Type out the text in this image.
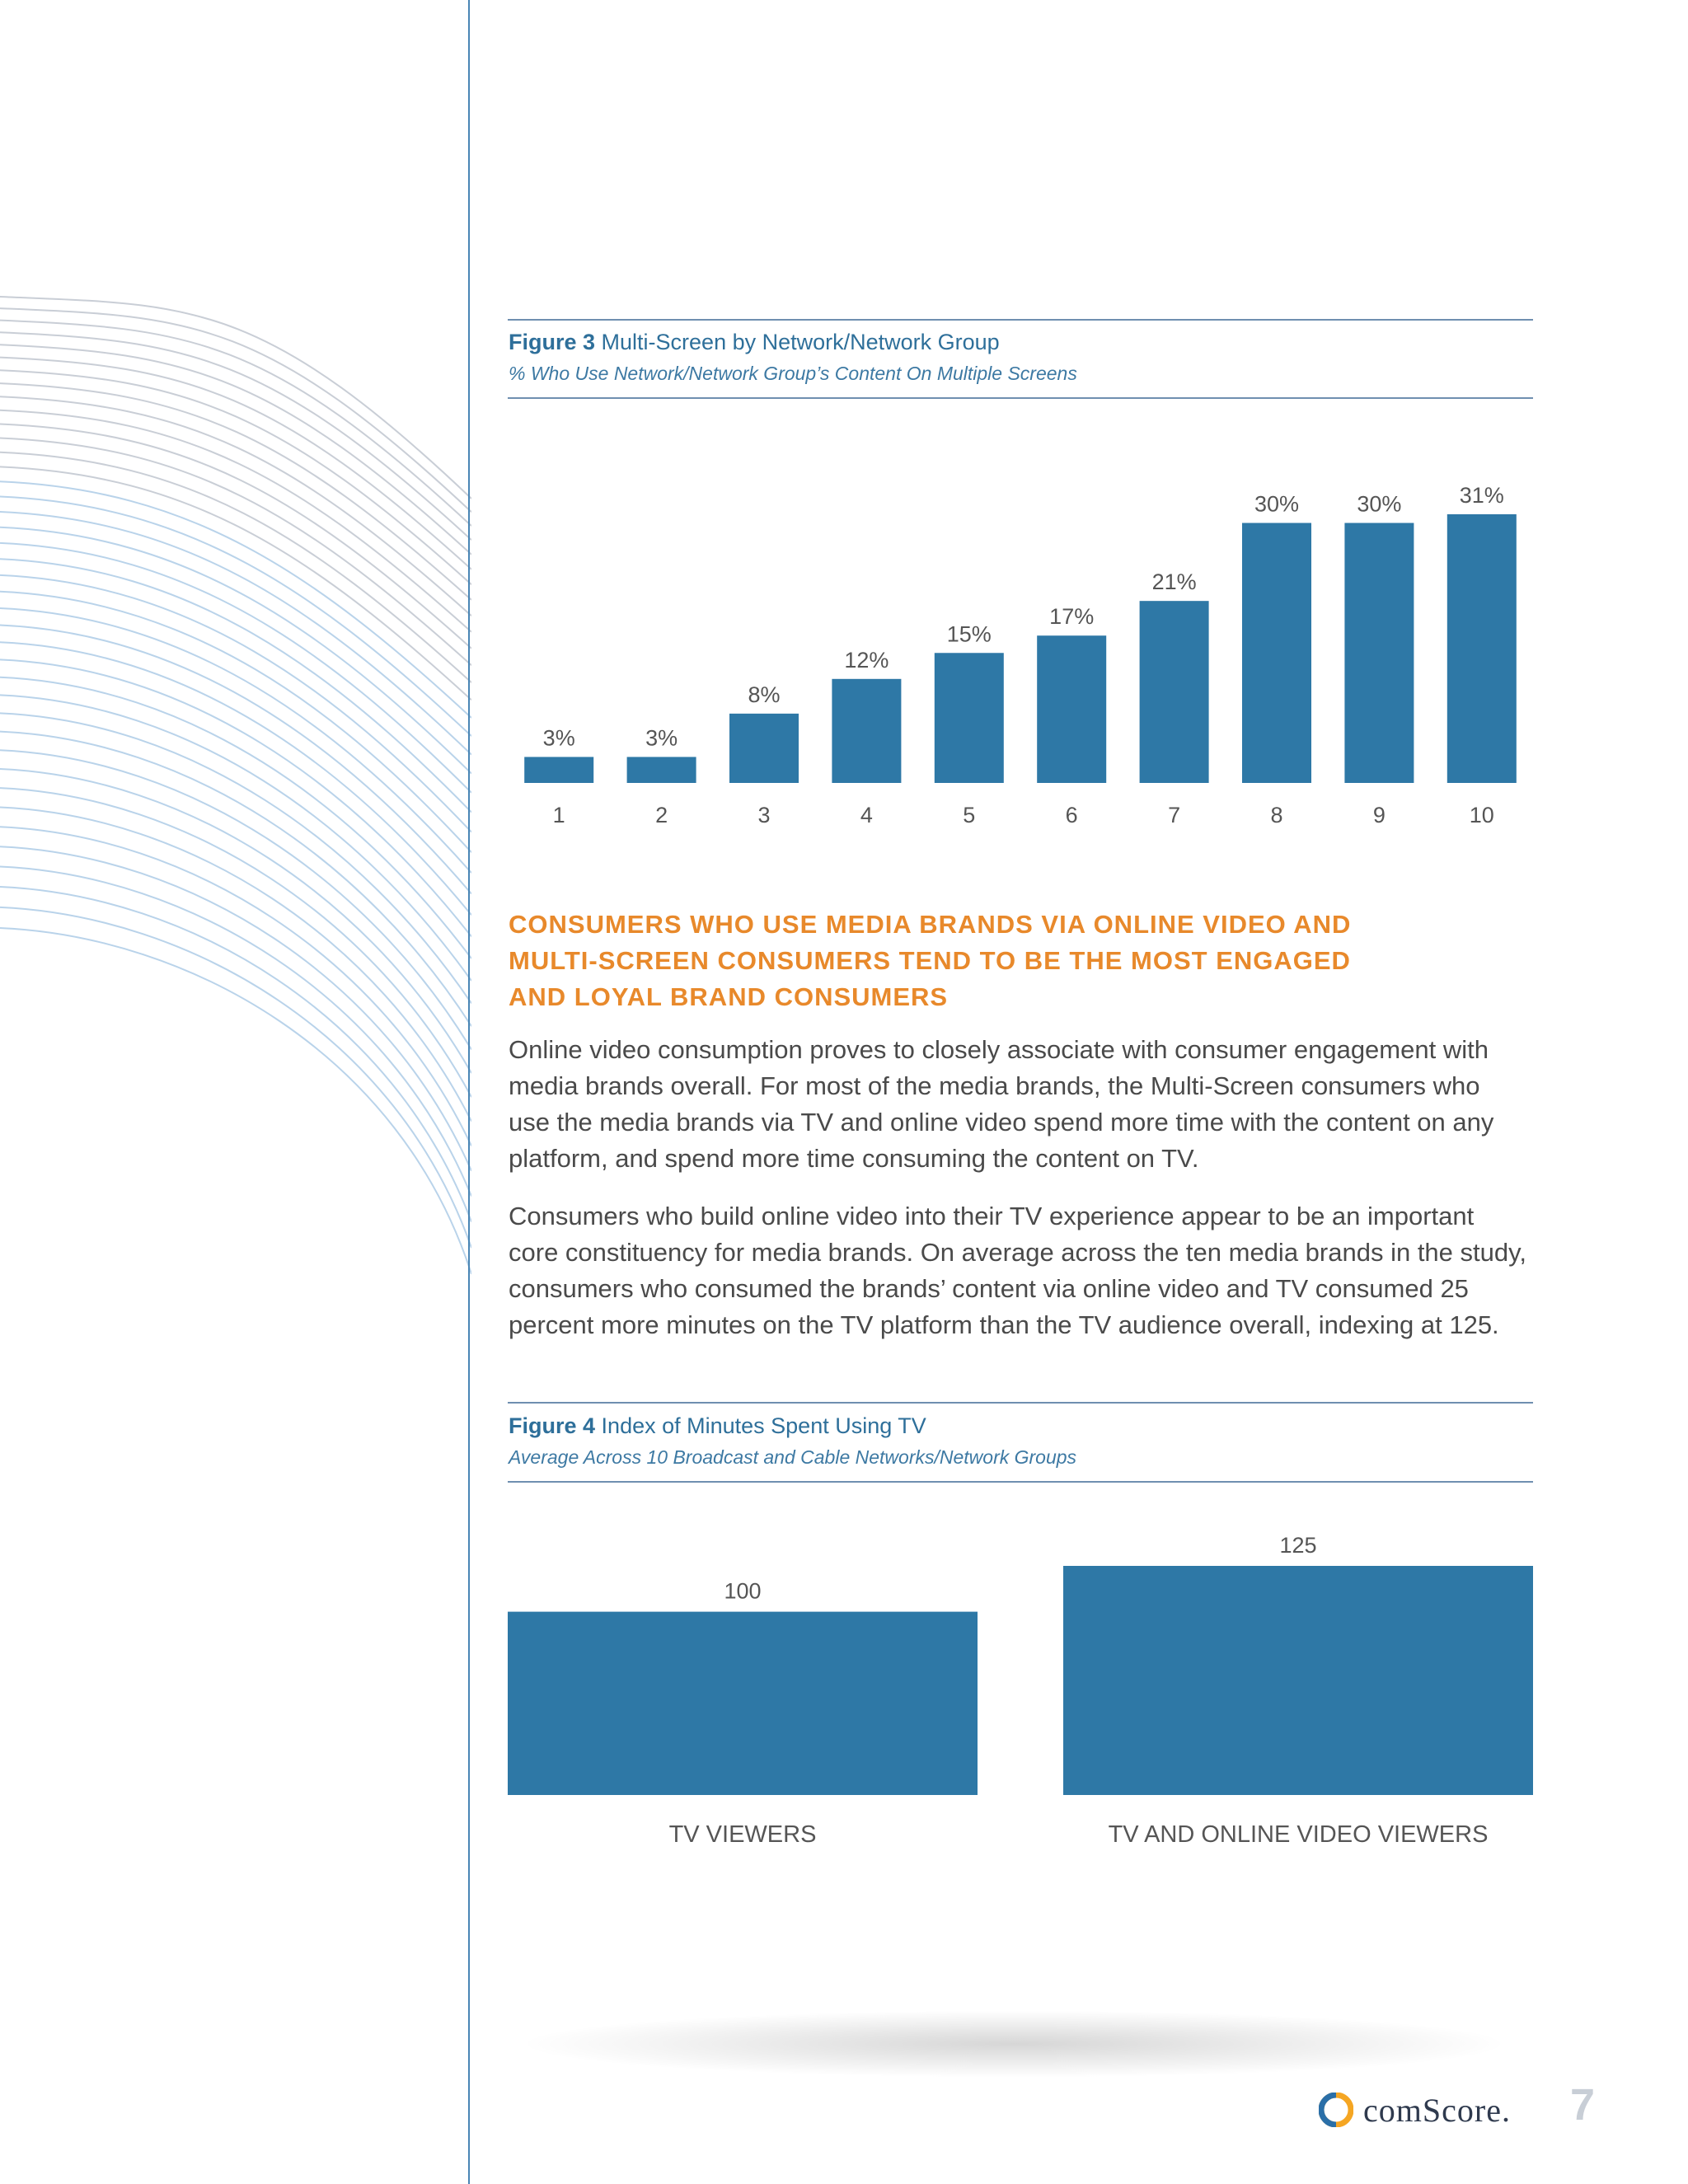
Figure 3 Multi-Screen by Network/Network Group
% Who Use Network/Network Group’s Content On Multiple Screens
3%
1
3%
2
8%
3
12%
4
15%
5
17%
6
21%
7
30%
8
30%
9
31%
10
CONSUMERS WHO USE MEDIA BRANDS VIA ONLINE VIDEO AND
MULTI-SCREEN CONSUMERS TEND TO BE THE MOST ENGAGED
AND LOYAL BRAND CONSUMERS
Online video consumption proves to closely associate with consumer engagement with
media brands overall. For most of the media brands, the Multi-Screen consumers who
use the media brands via TV and online video spend more time with the content on any
platform, and spend more time consuming the content on TV.
Consumers who build online video into their TV experience appear to be an important
core constituency for media brands. On average across the ten media brands in the study,
consumers who consumed the brands’ content via online video and TV consumed 25
percent more minutes on the TV platform than the TV audience overall, indexing at 125.
Figure 4 Index of Minutes Spent Using TV
Average Across 10 Broadcast and Cable Networks/Network Groups
100
TV VIEWERS
125
TV AND ONLINE VIDEO VIEWERS
comScore. 7
